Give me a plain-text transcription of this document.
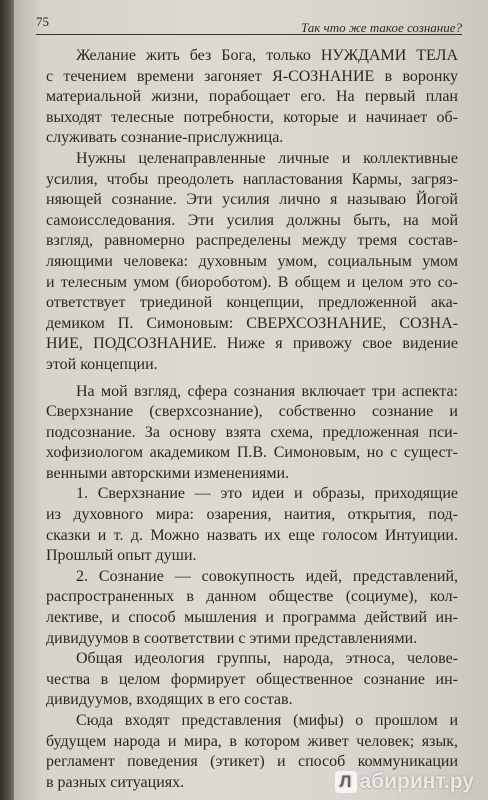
75	Так что же такое сознание?
Желание жить без Бога, только НУЖДАМИ ТЕЛА
с течением времени загоняет Я-СОЗНАНИЕ в воронку
материальной жизни, порабощает его. На первый план
выходят телесные потребности, которые и начинает об-
служивать сознание-прислужница.
Нужны целенаправленные личные и коллективные
усилия, чтобы преодолеть напластования Кармы, загряз-
няющей сознание. Эти усилия лично я называю Йогой
самоисследования. Эти усилия должны быть, на мой
взгляд, равномерно распределены между тремя состав-
ляющими человека: духовным умом, социальным умом
и телесным умом (биороботом). В общем и целом это со-
ответствует триединой концепции, предложенной ака-
демиком П. Симоновым: СВЕРХСОЗНАНИЕ, СОЗНА-
НИЕ, ПОДСОЗНАНИЕ. Ниже я привожу свое видение
этой концепции.
На мой взгляд, сфера сознания включает три аспекта:
Сверхзнание (сверхсознание), собственно сознание и
подсознание. За основу взята схема, предложенная пси-
хофизиологом академиком П.В. Симоновым, но с сущест-
венными авторскими изменениями.
1. Сверхзнание — это идеи и образы, приходящие
из духовного мира: озарения, наития, открытия, под-
сказки и т. д. Можно назвать их еще голосом Интуиции.
Прошлый опыт души.
2. Сознание — совокупность идей, представлений,
распространенных в данном обществе (социуме), кол-
лективе, и способ мышления и программа действий ин-
дивидуумов в соответствии с этими представлениями.
Общая идеология группы, народа, этноса, челове-
чества в целом формирует общественное сознание ин-
дивидуумов, входящих в его состав.
Сюда входят представления (мифы) о прошлом и
будущем народа и мира, в котором живет человек; язык,
регламент поведения (этикет) и способ коммуникации
в разных ситуациях.	Л абиринт.ру
